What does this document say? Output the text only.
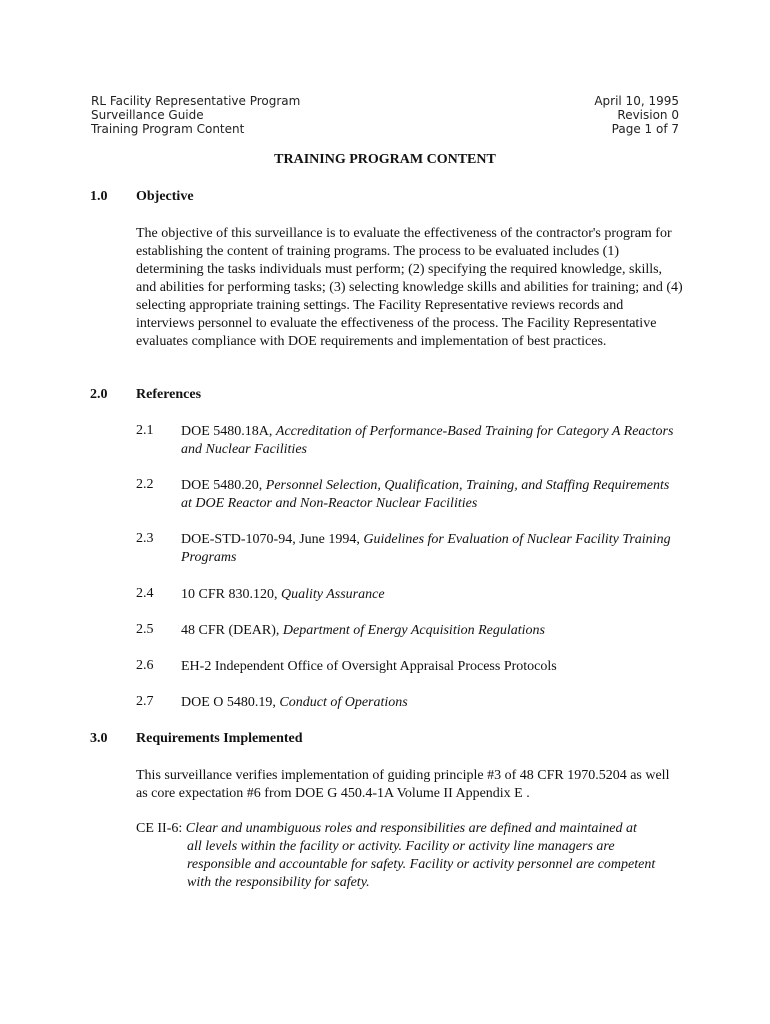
RL Facility Representative Program
Surveillance Guide
Training Program Content
April 10, 1995
Revision 0
Page 1 of 7
TRAINING PROGRAM CONTENT
1.0 Objective
The objective of this surveillance is to evaluate the effectiveness of the contractor's program for establishing the content of training programs. The process to be evaluated includes (1) determining the tasks individuals must perform; (2) specifying the required knowledge, skills, and abilities for performing tasks; (3) selecting knowledge skills and abilities for training; and (4) selecting appropriate training settings. The Facility Representative reviews records and interviews personnel to evaluate the effectiveness of the process. The Facility Representative evaluates compliance with DOE requirements and implementation of best practices.
2.0 References
2.1 DOE 5480.18A, Accreditation of Performance-Based Training for Category A Reactors and Nuclear Facilities
2.2 DOE 5480.20, Personnel Selection, Qualification, Training, and Staffing Requirements at DOE Reactor and Non-Reactor Nuclear Facilities
2.3 DOE-STD-1070-94, June 1994, Guidelines for Evaluation of Nuclear Facility Training Programs
2.4 10 CFR 830.120, Quality Assurance
2.5 48 CFR (DEAR), Department of Energy Acquisition Regulations
2.6 EH-2 Independent Office of Oversight Appraisal Process Protocols
2.7 DOE O 5480.19, Conduct of Operations
3.0 Requirements Implemented
This surveillance verifies implementation of guiding principle #3 of 48 CFR 1970.5204 as well as core expectation #6 from DOE G 450.4-1A Volume II Appendix E .
CE II-6: Clear and unambiguous roles and responsibilities are defined and maintained at
all levels within the facility or activity. Facility or activity line managers are responsible and accountable for safety. Facility or activity personnel are competent with the responsibility for safety.
